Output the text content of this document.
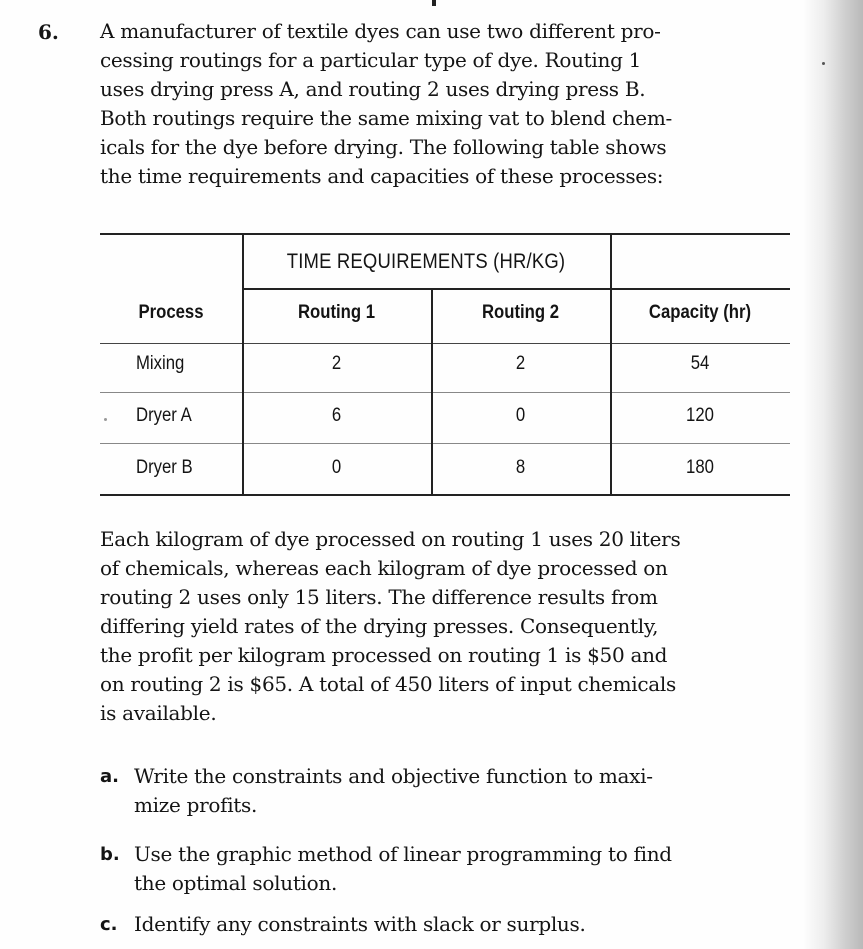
6. A manufacturer of textile dyes can use two different pro-
cessing routings for a particular type of dye. Routing 1
uses drying press A, and routing 2 uses drying press B.
Both routings require the same mixing vat to blend chem-
icals for the dye before drying. The following table shows
the time requirements and capacities of these processes:

TIME REQUIREMENTS (HR/KG)
Process	Routing 1	Routing 2	Capacity (hr)
Mixing	2	2	54
Dryer A	6	0	120
Dryer B	0	8	180

Each kilogram of dye processed on routing 1 uses 20 liters
of chemicals, whereas each kilogram of dye processed on
routing 2 uses only 15 liters. The difference results from
differing yield rates of the drying presses. Consequently,
the profit per kilogram processed on routing 1 is $50 and
on routing 2 is $65. A total of 450 liters of input chemicals
is available.

a. Write the constraints and objective function to maxi-
mize profits.

b. Use the graphic method of linear programming to find
the optimal solution.

c. Identify any constraints with slack or surplus.
